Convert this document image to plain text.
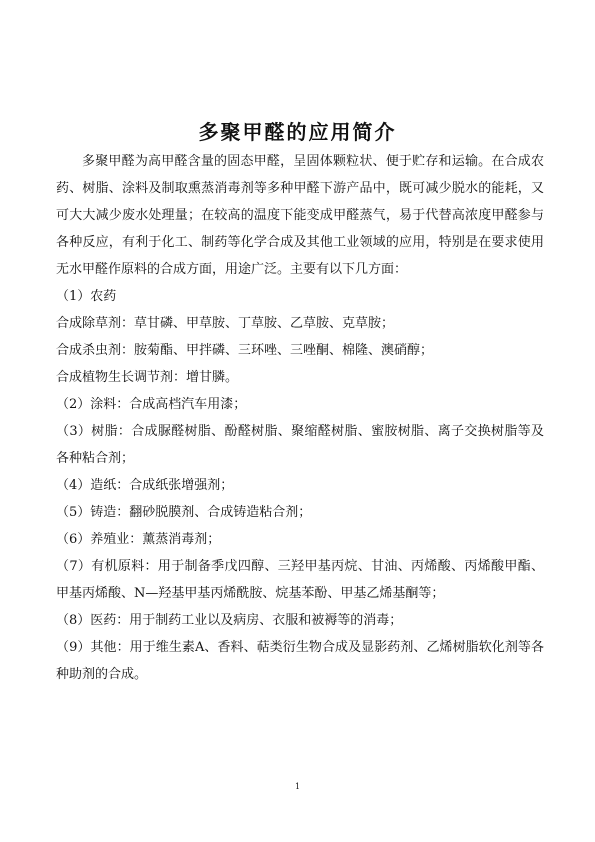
多聚甲醛的应用简介

多聚甲醛为高甲醛含量的固态甲醛，呈固体颗粒状、便于贮存和运输。在合成农药、树脂、涂料及制取熏蒸消毒剂等多种甲醛下游产品中，既可减少脱水的能耗，又可大大减少废水处理量；在较高的温度下能变成甲醛蒸气，易于代替高浓度甲醛参与各种反应，有利于化工、制药等化学合成及其他工业领域的应用，特别是在要求使用无水甲醛作原料的合成方面，用途广泛。主要有以下几方面：

（1）农药

合成除草剂：草甘磷、甲草胺、丁草胺、乙草胺、克草胺；

合成杀虫剂：胺菊酯、甲拌磷、三环唑、三唑酮、棉隆、澳硝醇；

合成植物生长调节剂：增甘膦。

（2）涂料：合成高档汽车用漆；

（3）树脂：合成脲醛树脂、酚醛树脂、聚缩醛树脂、蜜胺树脂、离子交换树脂等及各种粘合剂；

（4）造纸：合成纸张增强剂；

（5）铸造：翻砂脱膜剂、合成铸造粘合剂；

（6）养殖业：薰蒸消毒剂；

（7）有机原料：用于制备季戊四醇、三羟甲基丙烷、甘油、丙烯酸、丙烯酸甲酯、甲基丙烯酸、N—羟基甲基丙烯酰胺、烷基苯酚、甲基乙烯基酮等；

（8）医药：用于制药工业以及病房、衣服和被褥等的消毒；

（9）其他：用于维生素A、香料、萜类衍生物合成及显影药剂、乙烯树脂软化剂等各种助剂的合成。

1
